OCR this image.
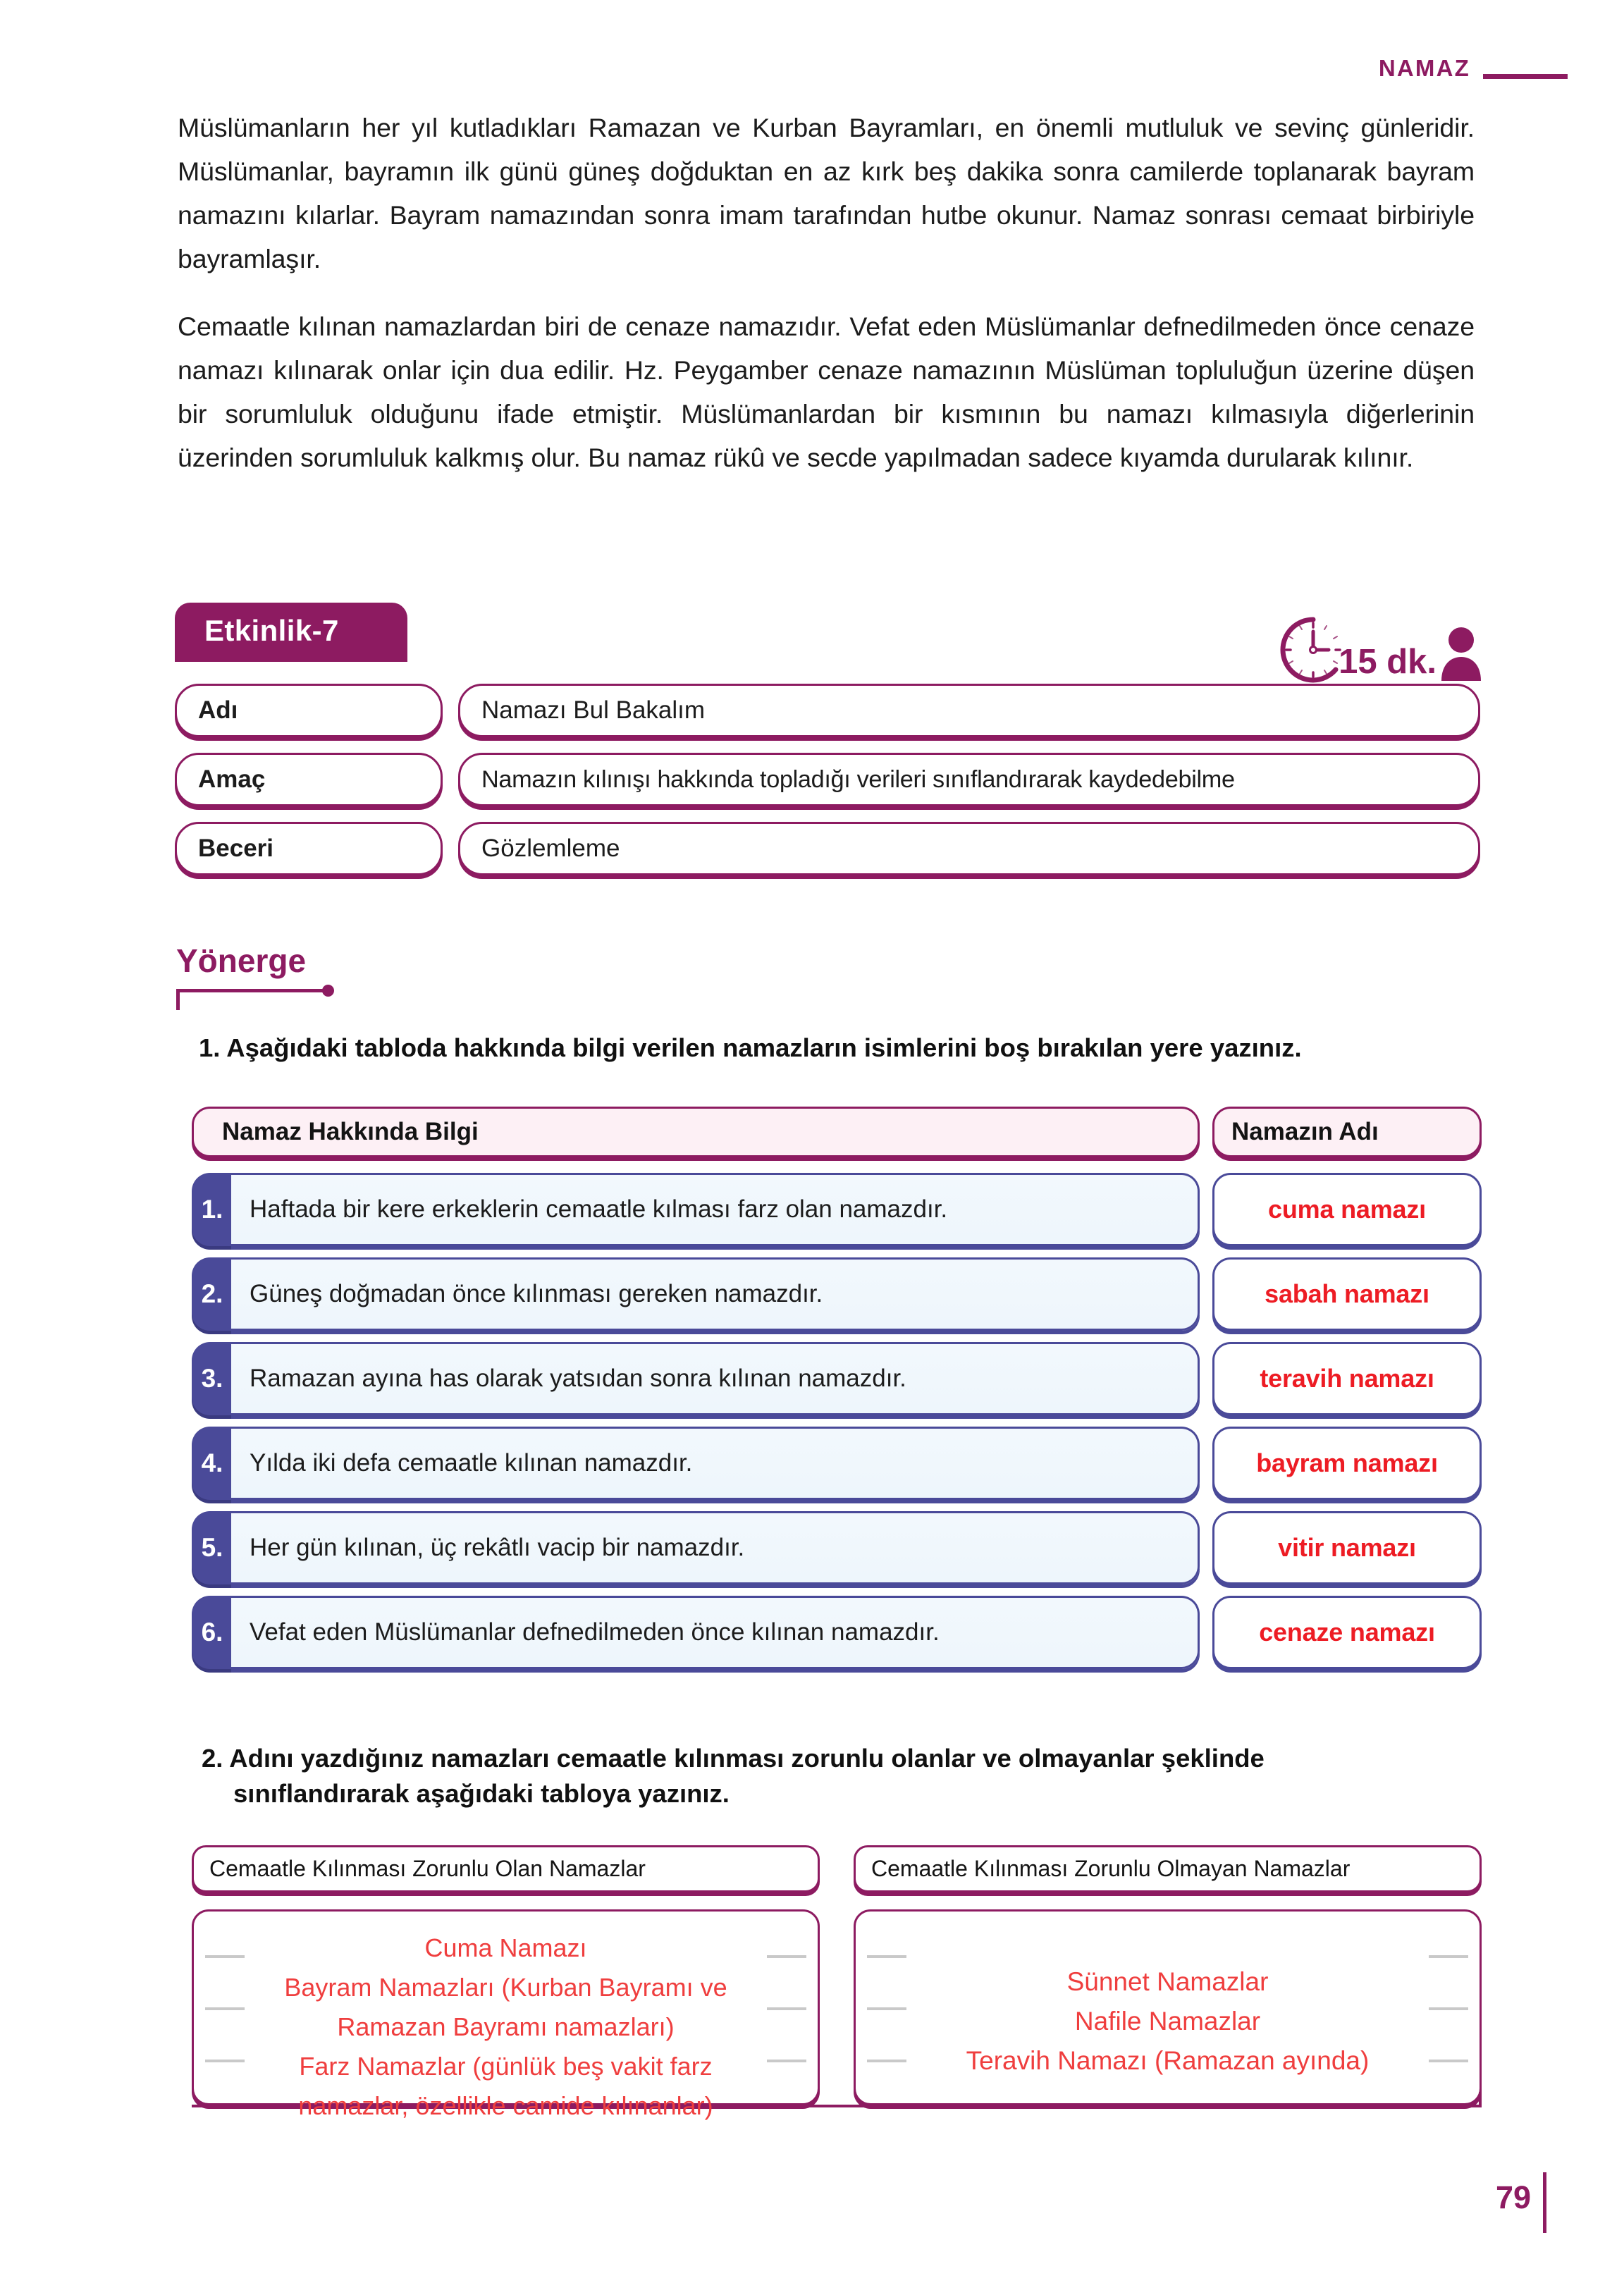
NAMAZ

Müslümanların her yıl kutladıkları Ramazan ve Kurban Bayramları, en önemli mutluluk ve sevinç günleridir. Müslümanlar, bayramın ilk günü güneş doğduktan en az kırk beş dakika sonra camilerde toplanarak bayram namazını kılarlar. Bayram namazından sonra imam tarafından hutbe okunur. Namaz sonrası cemaat birbiriyle bayramlaşır.

Cemaatle kılınan namazlardan biri de cenaze namazıdır. Vefat eden Müslümanlar defnedilmeden önce cenaze namazı kılınarak onlar için dua edilir. Hz. Peygamber cenaze namazının Müslüman topluluğun üzerine düşen bir sorumluluk olduğunu ifade etmiştir. Müslümanlardan bir kısmının bu namazı kılmasıyla diğerlerinin üzerinden sorumluluk kalkmış olur. Bu namaz rükû ve secde yapılmadan sadece kıyamda durularak kılınır.

Etkinlik-7
15 dk.
Adı	Namazı Bul Bakalım
Amaç	Namazın kılınışı hakkında topladığı verileri sınıflandırarak kaydedebilme
Beceri	Gözlemleme
Yönerge
1. Aşağıdaki tabloda hakkında bilgi verilen namazların isimlerini boş bırakılan yere yazınız.
Namaz Hakkında Bilgi	Namazın Adı
1.	Haftada bir kere erkeklerin cemaatle kılması farz olan namazdır.	cuma namazı
2.	Güneş doğmadan önce kılınması gereken namazdır.	sabah namazı
3.	Ramazan ayına has olarak yatsıdan sonra kılınan namazdır.	teravih namazı
4.	Yılda iki defa cemaatle kılınan namazdır.	bayram namazı
5.	Her gün kılınan, üç rekâtlı vacip bir namazdır.	vitir namazı
6.	Vefat eden Müslümanlar defnedilmeden önce kılınan namazdır.	cenaze namazı
2. Adını yazdığınız namazları cemaatle kılınması zorunlu olanlar ve olmayanlar şeklinde
sınıflandırarak aşağıdaki tabloya yazınız.
Cemaatle Kılınması Zorunlu Olan Namazlar
Cuma Namazı
Bayram Namazları (Kurban Bayramı ve
Ramazan Bayramı namazları)
Farz Namazlar (günlük beş vakit farz
namazlar, özellikle camide kılınanlar)
Cemaatle Kılınması Zorunlu Olmayan Namazlar
Sünnet Namazlar
Nafile Namazlar
Teravih Namazı (Ramazan ayında)
79
